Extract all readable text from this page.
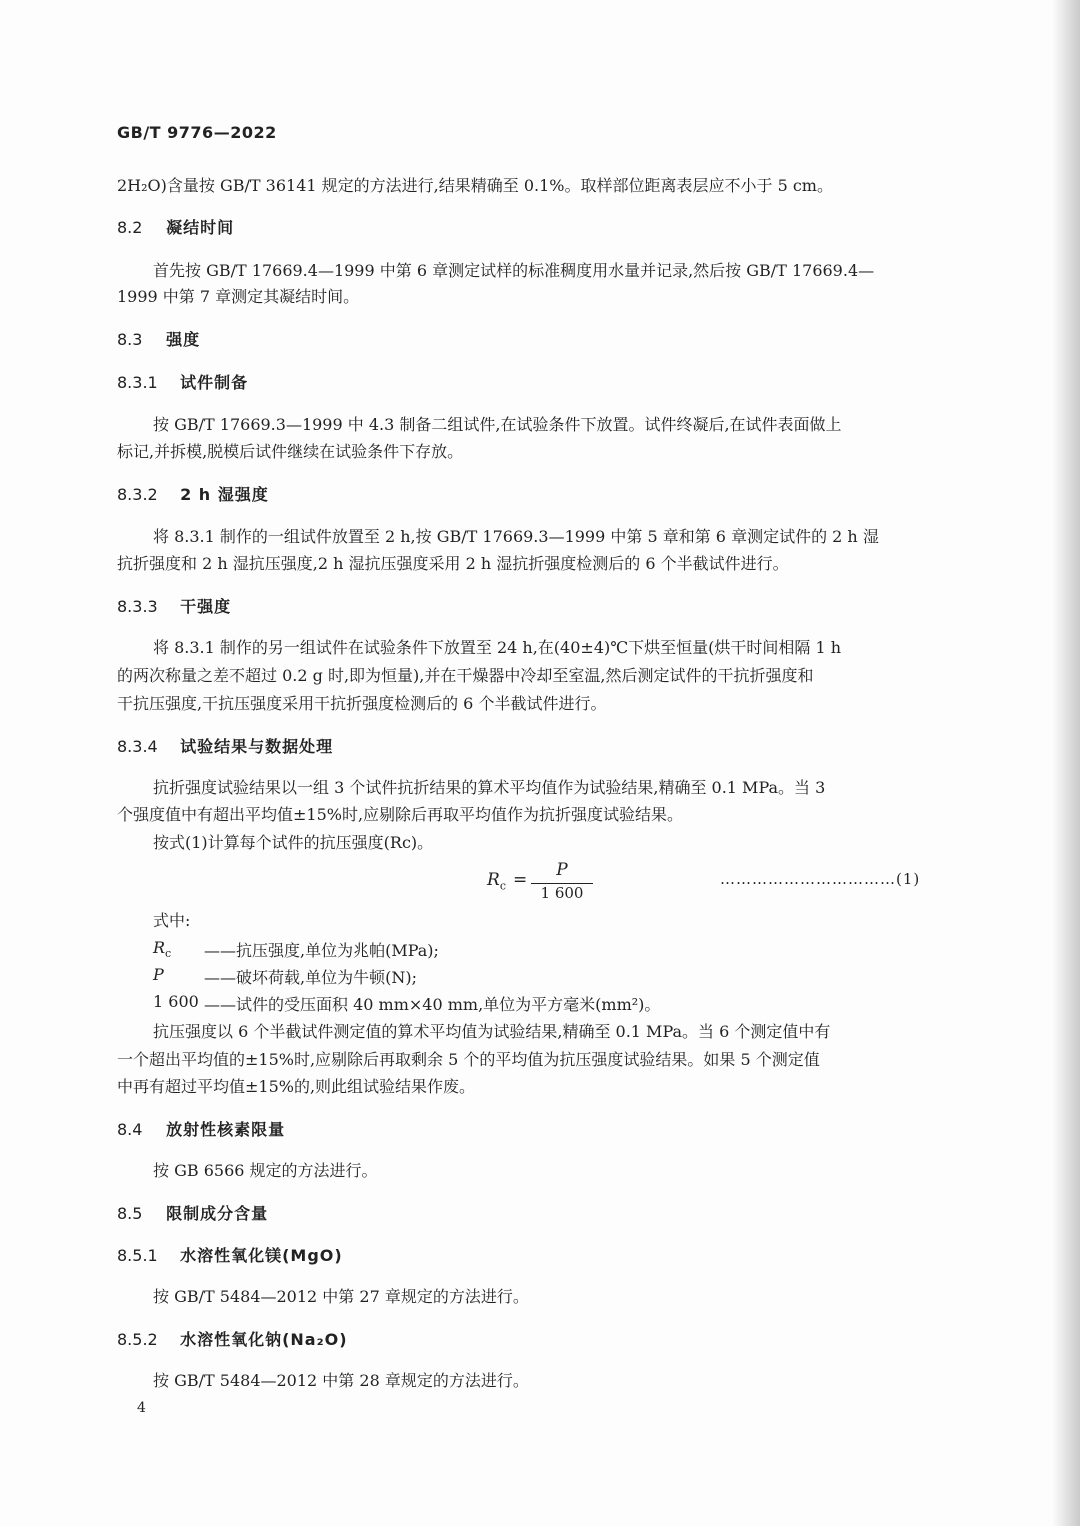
GB/T 9776—2022
2H₂O)含量按 GB/T 36141 规定的方法进行,结果精确至 0.1%。取样部位距离表层应不小于 5 cm。
8.2 凝结时间
首先按 GB/T 17669.4—1999 中第 6 章测定试样的标准稠度用水量并记录,然后按 GB/T 17669.4—
1999 中第 7 章测定其凝结时间。
8.3 强度
8.3.1 试件制备
按 GB/T 17669.3—1999 中 4.3 制备二组试件,在试验条件下放置。试件终凝后,在试件表面做上
标记,并拆模,脱模后试件继续在试验条件下存放。
8.3.2 2 h 湿强度
将 8.3.1 制作的一组试件放置至 2 h,按 GB/T 17669.3—1999 中第 5 章和第 6 章测定试件的 2 h 湿
抗折强度和 2 h 湿抗压强度,2 h 湿抗压强度采用 2 h 湿抗折强度检测后的 6 个半截试件进行。
8.3.3 干强度
将 8.3.1 制作的另一组试件在试验条件下放置至 24 h,在(40±4)℃下烘至恒量(烘干时间相隔 1 h
的两次称量之差不超过 0.2 g 时,即为恒量),并在干燥器中冷却至室温,然后测定试件的干抗折强度和
干抗压强度,干抗压强度采用干抗折强度检测后的 6 个半截试件进行。
8.3.4 试验结果与数据处理
抗折强度试验结果以一组 3 个试件抗折结果的算术平均值作为试验结果,精确至 0.1 MPa。当 3
个强度值中有超出平均值±15%时,应剔除后再取平均值作为抗折强度试验结果。
按式(1)计算每个试件的抗压强度(Rc)。
$R_c$ =	P
1 600
……………………………(1)
式中:
$R_c$ ——抗压强度,单位为兆帕(MPa);
P	——破坏荷载,单位为牛顿(N);
1 600 ——试件的受压面积 40 mm×40 mm,单位为平方毫米(mm²)。
抗压强度以 6 个半截试件测定值的算术平均值为试验结果,精确至 0.1 MPa。当 6 个测定值中有
一个超出平均值的±15%时,应剔除后再取剩余 5 个的平均值为抗压强度试验结果。如果 5 个测定值
中再有超过平均值±15%的,则此组试验结果作废。
8.4 放射性核素限量
按 GB 6566 规定的方法进行。
8.5 限制成分含量
8.5.1 水溶性氧化镁(MgO)
按 GB/T 5484—2012 中第 27 章规定的方法进行。
8.5.2 水溶性氧化钠(Na₂O)
按 GB/T 5484—2012 中第 28 章规定的方法进行。
4
